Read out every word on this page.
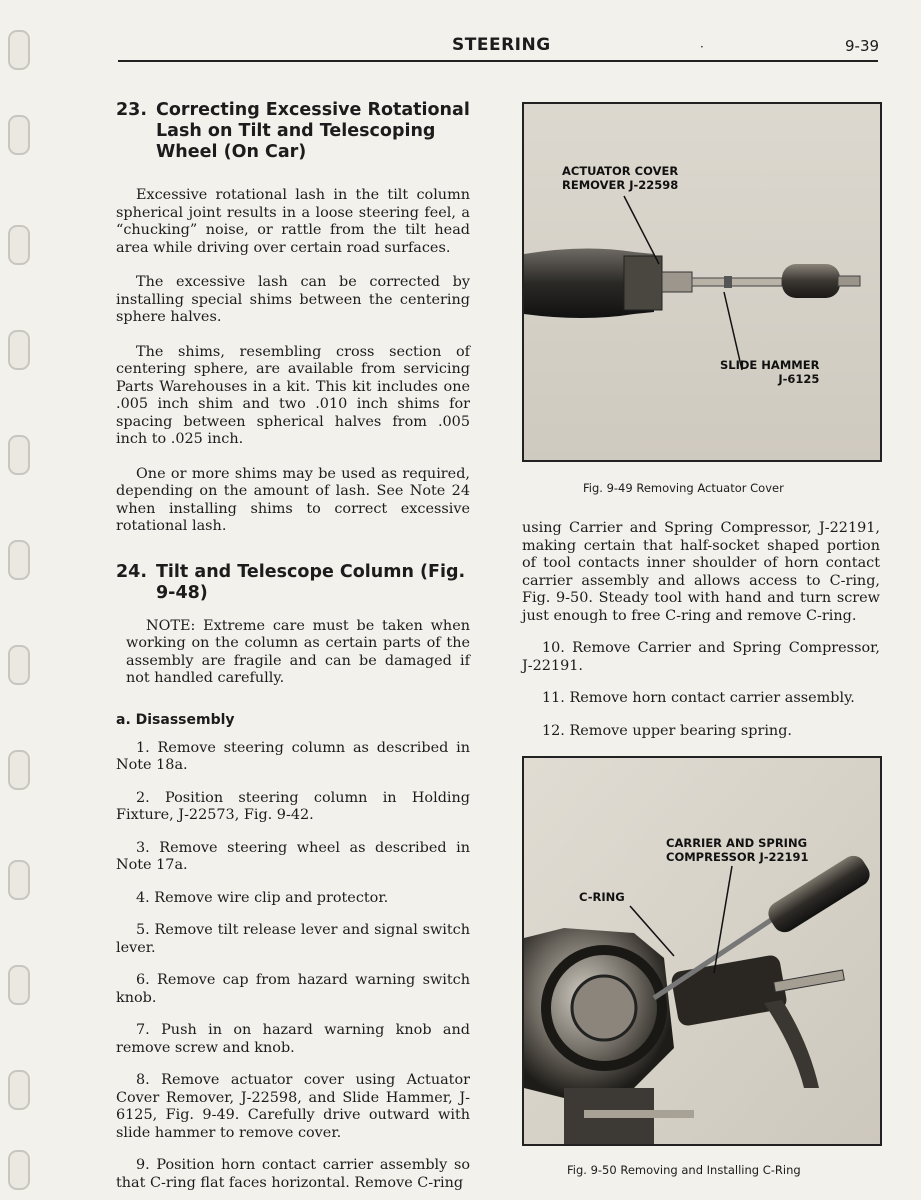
STEERING	·	9-39
23. Correcting Excessive Rotational Lash on Tilt and Telescoping Wheel (On Car)

Excessive rotational lash in the tilt column spherical joint results in a loose steering feel, a “chucking” noise, or rattle from the tilt head area while driving over certain road surfaces.

The excessive lash can be corrected by installing special shims between the centering sphere halves.

The shims, resembling cross section of centering sphere, are available from servicing Parts Warehouses in a kit. This kit includes one .005 inch shim and two .010 inch shims for spacing between spherical halves from .005 inch to .025 inch.

One or more shims may be used as required, depending on the amount of lash. See Note 24 when installing shims to correct excessive rotational lash.

24. Tilt and Telescope Column (Fig. 9-48)

NOTE: Extreme care must be taken when working on the column as certain parts of the assembly are fragile and can be damaged if not handled carefully.

a. Disassembly

1. Remove steering column as described in Note 18a.

2. Position steering column in Holding Fixture, J-22573, Fig. 9-42.

3. Remove steering wheel as described in Note 17a.

4. Remove wire clip and protector.

5. Remove tilt release lever and signal switch lever.

6. Remove cap from hazard warning switch knob.

7. Push in on hazard warning knob and remove screw and knob.

8. Remove actuator cover using Actuator Cover Remover, J-22598, and Slide Hammer, J-6125, Fig. 9-49. Carefully drive outward with slide hammer to remove cover.

9. Position horn contact carrier assembly so that C-ring flat faces horizontal. Remove C-ring

ACTUATOR COVER
REMOVER J-22598
SLIDE HAMMER
J-6125
Fig. 9-49 Removing Actuator Cover

using Carrier and Spring Compressor, J-22191, making certain that half-socket shaped portion of tool contacts inner shoulder of horn contact carrier assembly and allows access to C-ring, Fig. 9-50. Steady tool with hand and turn screw just enough to free C-ring and remove C-ring.

10. Remove Carrier and Spring Compressor, J-22191.

11. Remove horn contact carrier assembly.

12. Remove upper bearing spring.

CARRIER AND SPRING
COMPRESSOR J-22191
C-RING
Fig. 9-50 Removing and Installing C-Ring
